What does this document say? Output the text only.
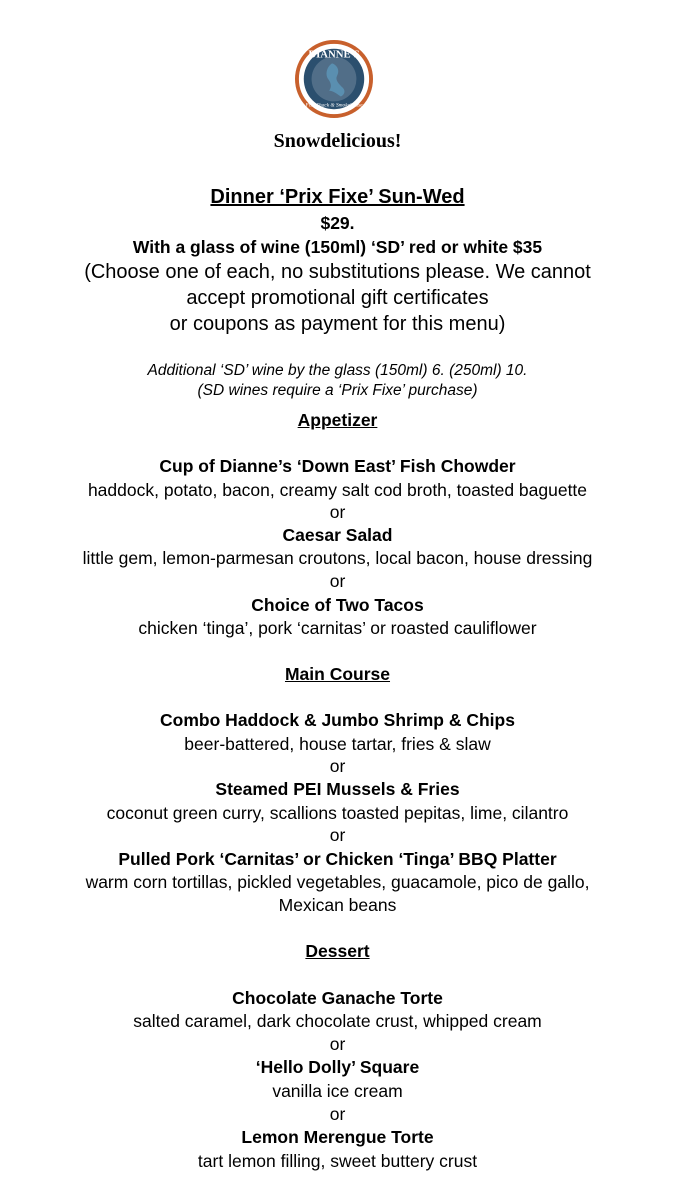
DIANNE'S
Fish Shack & Smokehouse
Snowdelicious!
Dinner ‘Prix Fixe’ Sun-Wed
$29.
With a glass of wine (150ml) ‘SD’ red or white $35
(Choose one of each, no substitutions please. We cannot
accept promotional gift certificates
or coupons as payment for this menu)
Additional ‘SD’ wine by the glass (150ml) 6. (250ml) 10.
(SD wines require a ‘Prix Fixe’ purchase)
Appetizer
Cup of Dianne’s ‘Down East’ Fish Chowder
haddock, potato, bacon, creamy salt cod broth, toasted baguette
or
Caesar Salad
little gem, lemon-parmesan croutons, local bacon, house dressing
or
Choice of Two Tacos
chicken ‘tinga’, pork ‘carnitas’ or roasted cauliflower
Main Course
Combo Haddock & Jumbo Shrimp & Chips
beer-battered, house tartar, fries & slaw
or
Steamed PEI Mussels & Fries
coconut green curry, scallions toasted pepitas, lime, cilantro
or
Pulled Pork ‘Carnitas’ or Chicken ‘Tinga’ BBQ Platter
warm corn tortillas, pickled vegetables, guacamole, pico de gallo,
Mexican beans
Dessert
Chocolate Ganache Torte
salted caramel, dark chocolate crust, whipped cream
or
‘Hello Dolly’ Square
vanilla ice cream
or
Lemon Merengue Torte
tart lemon filling, sweet buttery crust
